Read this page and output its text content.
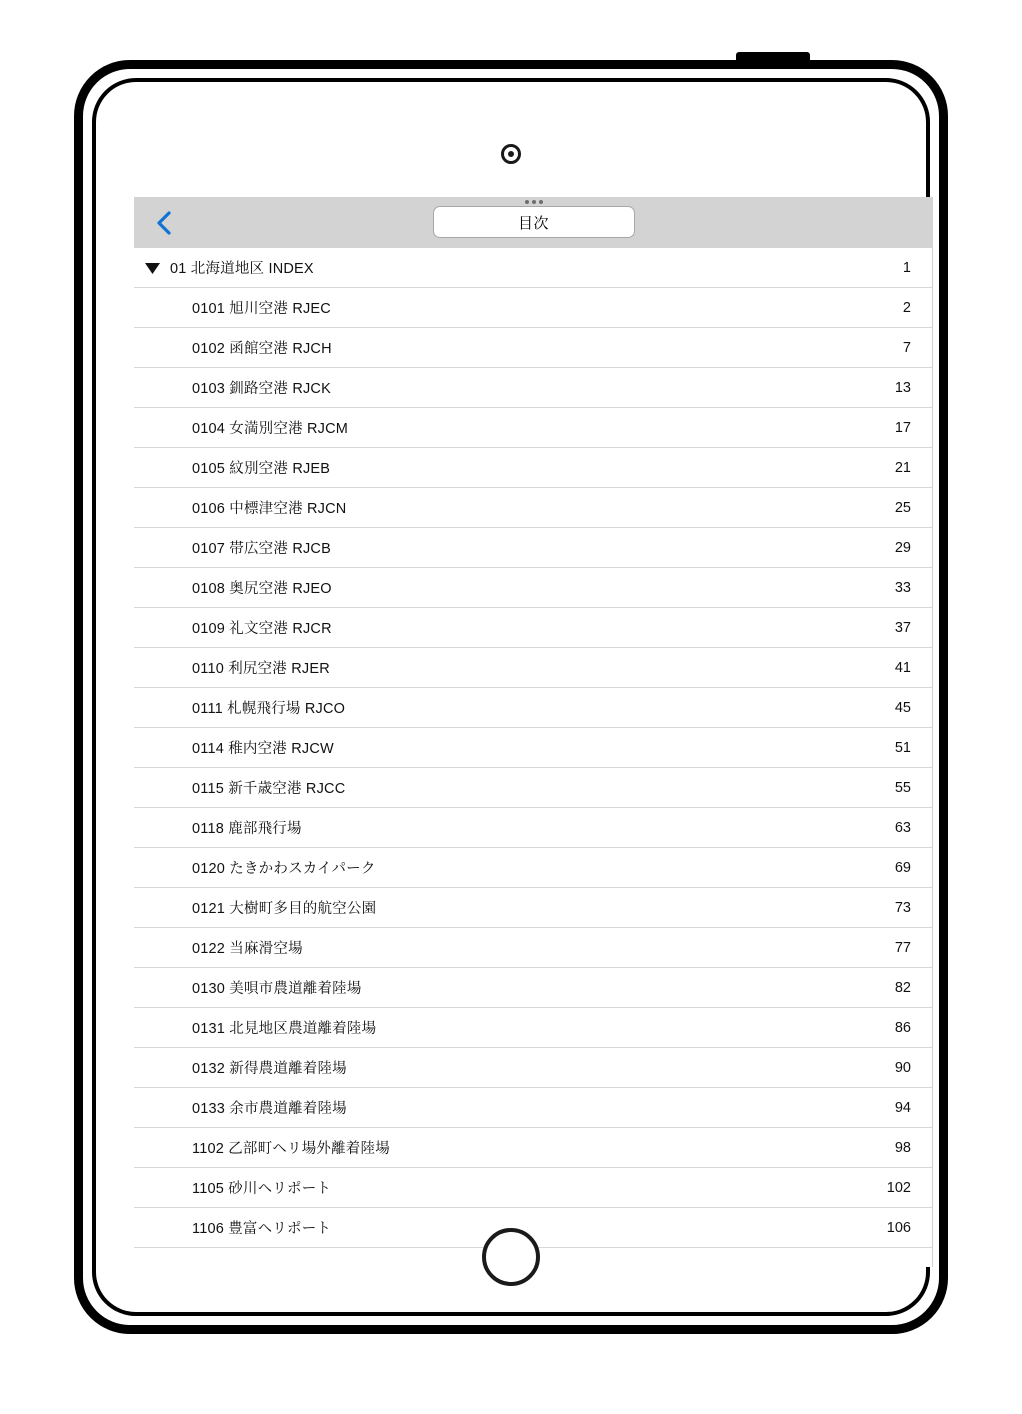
目次
01 北海道地区 INDEX	1
0101 旭川空港 RJEC	2
0102 函館空港 RJCH	7
0103 釧路空港 RJCK	13
0104 女満別空港 RJCM	17
0105 紋別空港 RJEB	21
0106 中標津空港 RJCN	25
0107 帯広空港 RJCB	29
0108 奥尻空港 RJEO	33
0109 礼文空港 RJCR	37
0110 利尻空港 RJER	41
0111 札幌飛行場 RJCO	45
0114 稚内空港 RJCW	51
0115 新千歳空港 RJCC	55
0118 鹿部飛行場	63
0120 たきかわスカイパーク	69
0121 大樹町多目的航空公園	73
0122 当麻滑空場	77
0130 美唄市農道離着陸場	82
0131 北見地区農道離着陸場	86
0132 新得農道離着陸場	90
0133 余市農道離着陸場	94
1102 乙部町ヘリ場外離着陸場	98
1105 砂川ヘリポート	102
1106 豊富ヘリポート	106
